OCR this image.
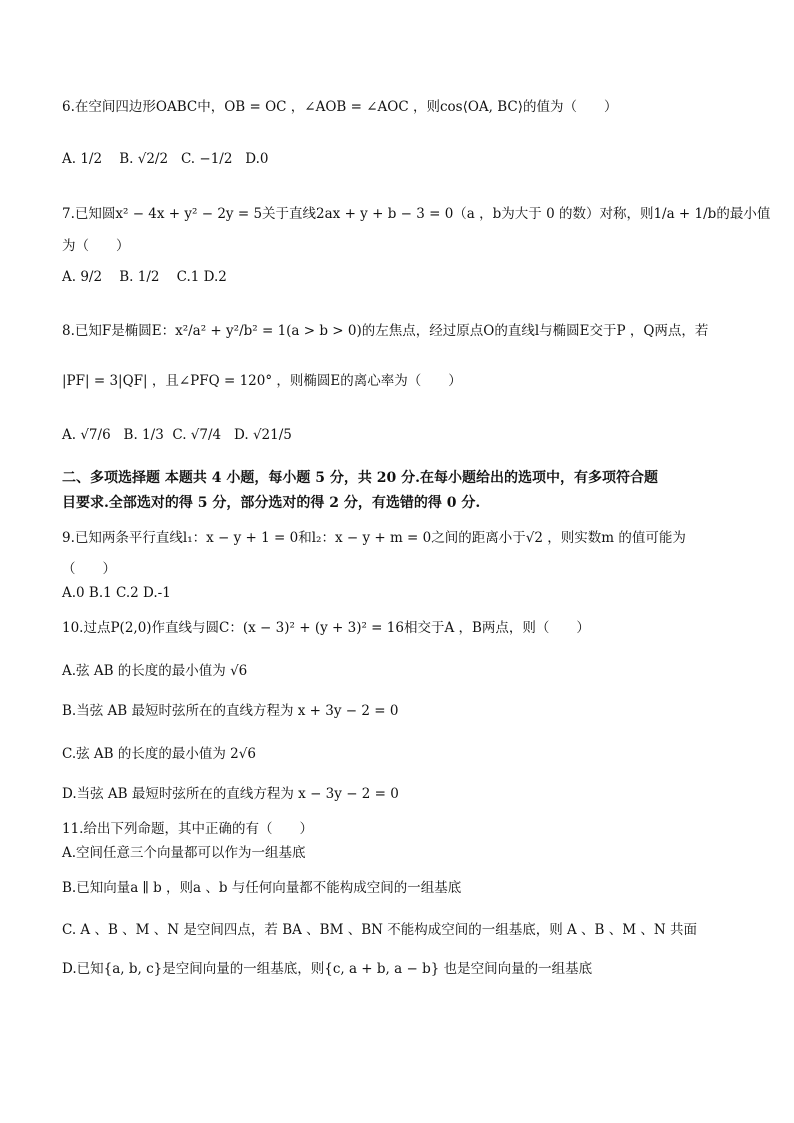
6.在空间四边形OABC中，OB = OC ，∠AOB = ∠AOC ，则cos⟨OA, BC⟩的值为（　　）
A. 1/2 B. √2/2 C. −1/2 D.0
7.已知圆x² − 4x + y² − 2y = 5关于直线2ax + y + b − 3 = 0（a ，b为大于 0 的数）对称，则1/a + 1/b的最小值
为（　　）
A. 9/2 B. 1/2 C.1 D.2
8.已知F是椭圆E：x²/a² + y²/b² = 1(a > b > 0)的左焦点，经过原点O的直线l与椭圆E交于P ，Q两点，若
|PF| = 3|QF| ，且∠PFQ = 120° ，则椭圆E的离心率为（　　）
A. √7/6 B. 1/3 C. √7/4 D. √21/5
二、多项选择题 本题共 4 小题，每小题 5 分，共 20 分.在每小题给出的选项中，有多项符合题
目要求.全部选对的得 5 分，部分选对的得 2 分，有选错的得 0 分.
9.已知两条平行直线l₁：x − y + 1 = 0和l₂：x − y + m = 0之间的距离小于√2 ，则实数m 的值可能为
（　　）
A.0 B.1 C.2 D.-1
10.过点P(2,0)作直线与圆C：(x − 3)² + (y + 3)² = 16相交于A ，B两点，则（　　）
A.弦 AB 的长度的最小值为 √6
B.当弦 AB 最短时弦所在的直线方程为 x + 3y − 2 = 0
C.弦 AB 的长度的最小值为 2√6
D.当弦 AB 最短时弦所在的直线方程为 x − 3y − 2 = 0
11.给出下列命题，其中正确的有（　　）
A.空间任意三个向量都可以作为一组基底
B.已知向量a ∥ b ，则a 、b 与任何向量都不能构成空间的一组基底
C. A 、B 、M 、N 是空间四点，若 BA 、BM 、BN 不能构成空间的一组基底，则 A 、B 、M 、N 共面
D.已知{a, b, c}是空间向量的一组基底，则{c, a + b, a − b} 也是空间向量的一组基底
